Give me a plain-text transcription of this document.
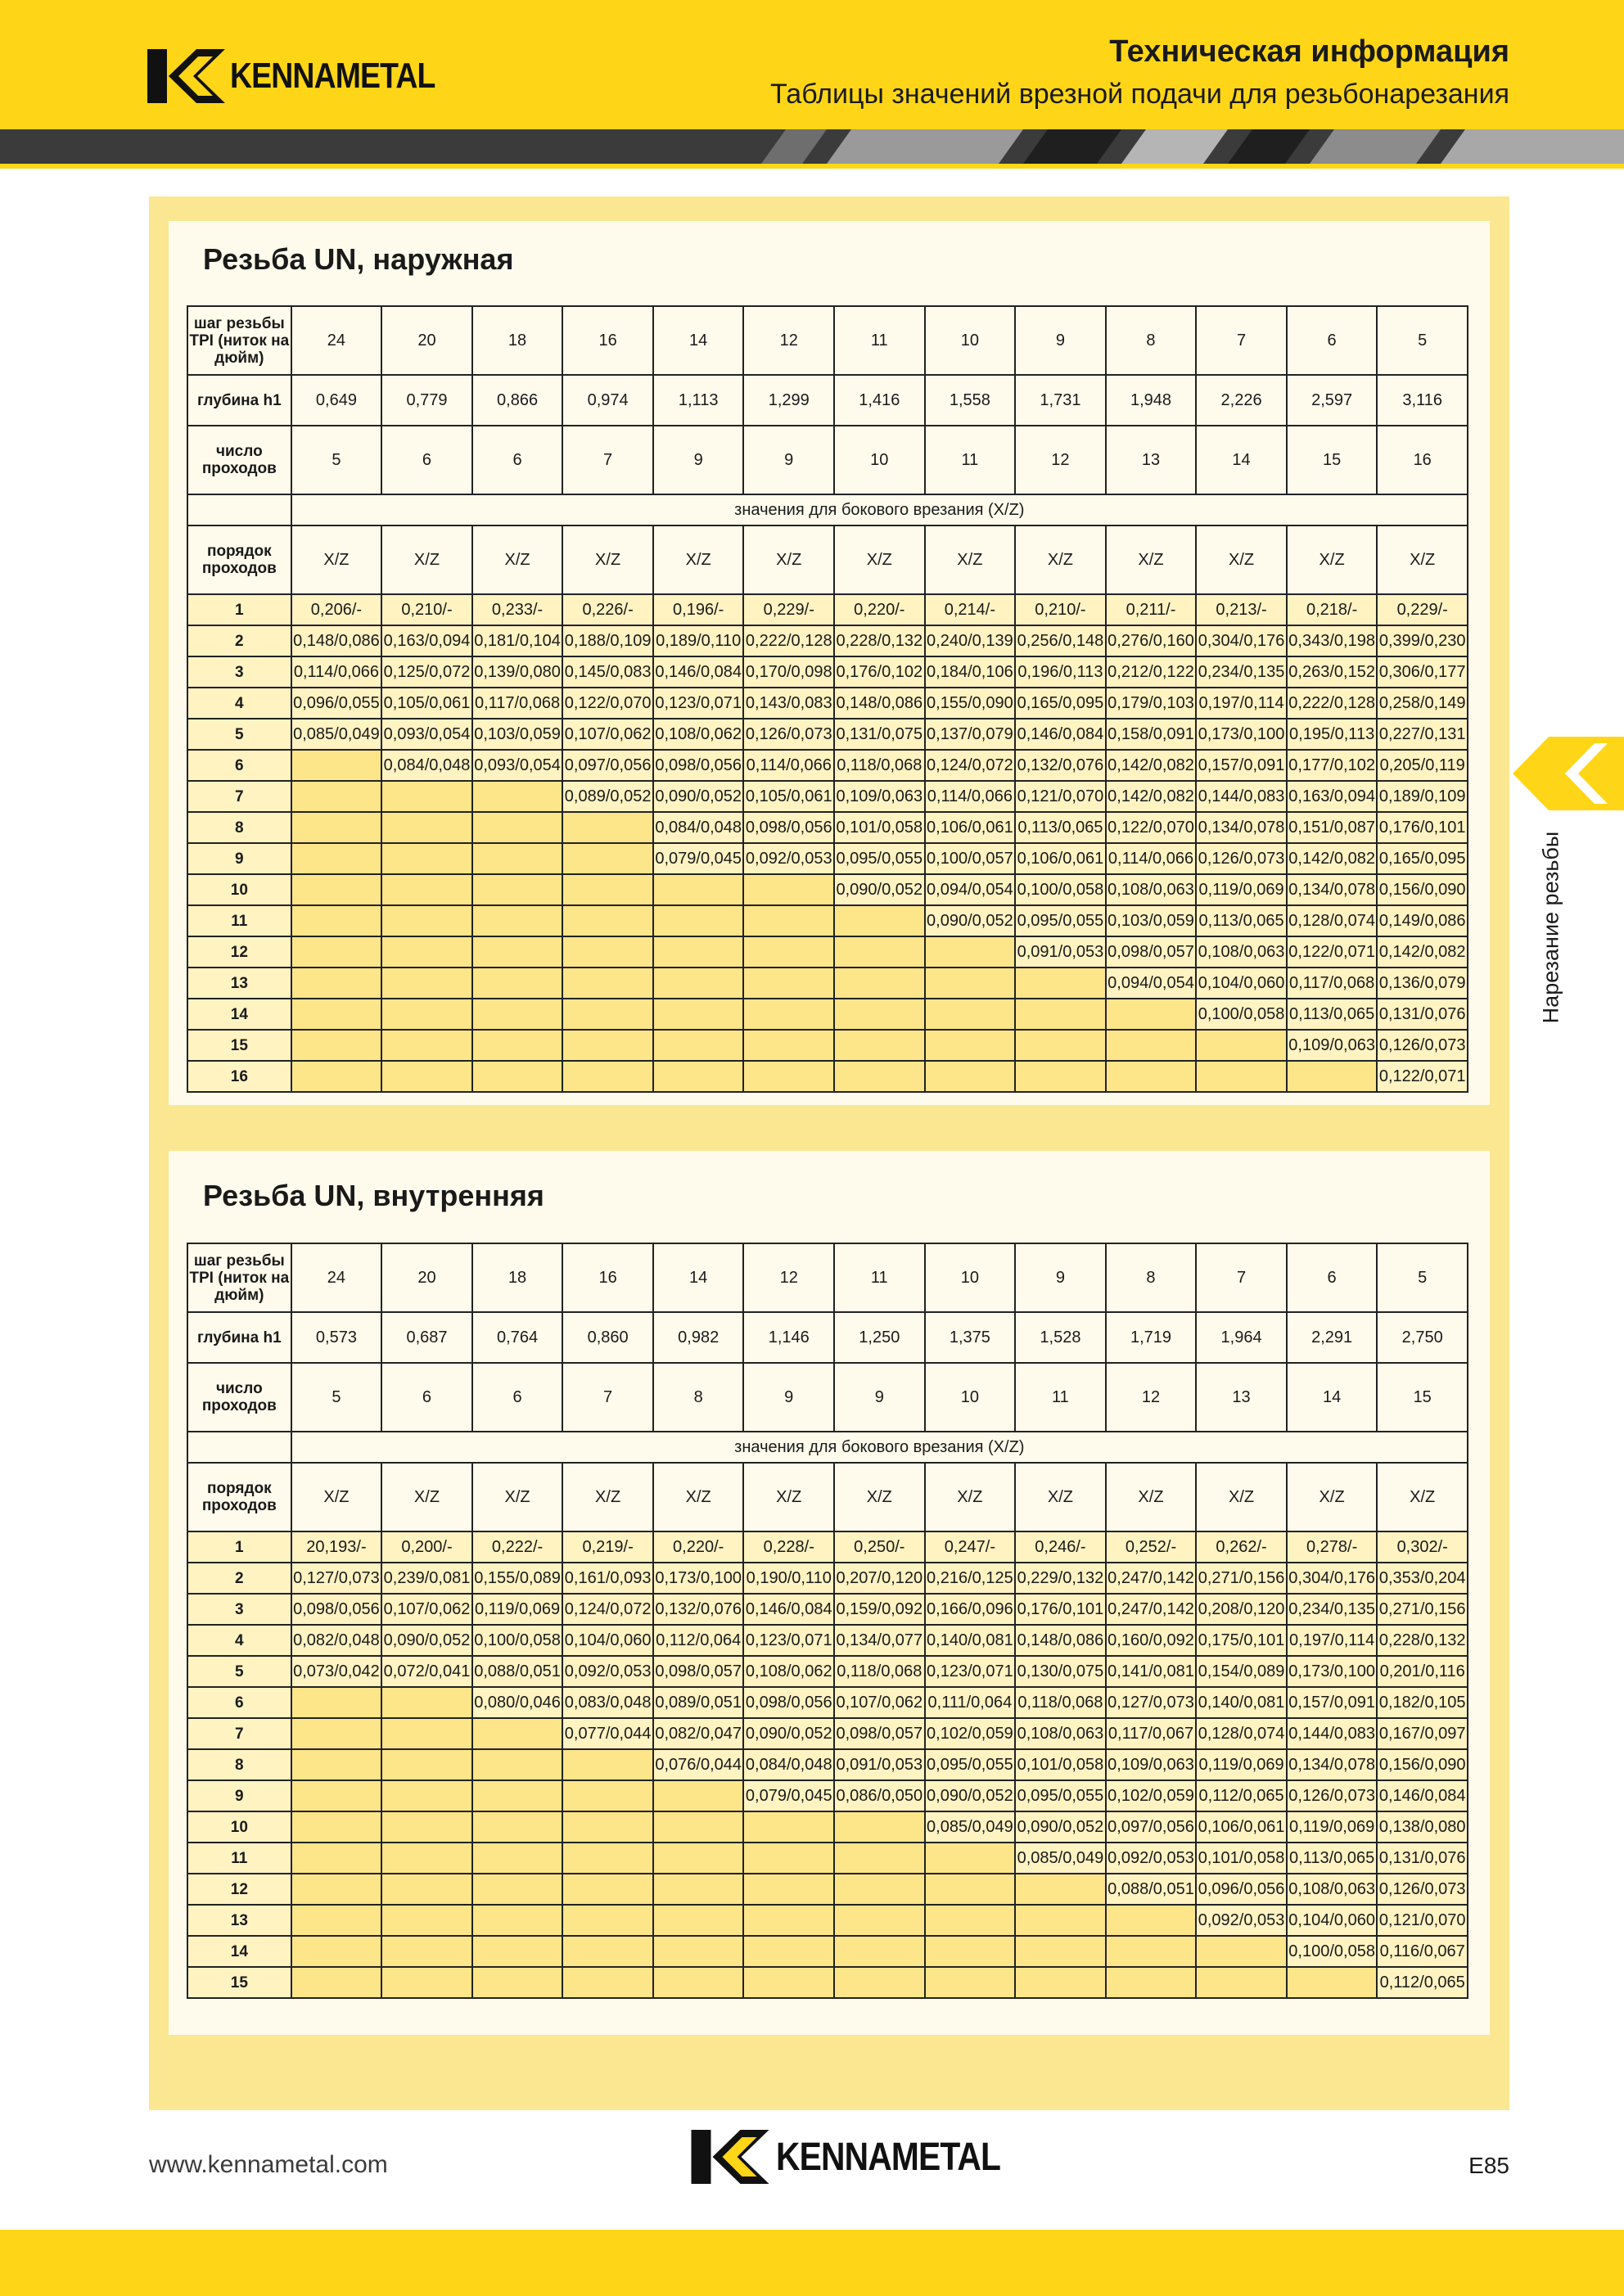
KENNAMETAL
Техническая информация
Таблицы значений врезной подачи для резьбонарезания
Резьба UN, наружная
шаг резьбы TPI (ниток на дюйм)	24	20	18	16	14	12	11	10	9	8	7	6	5
глубина h1	0,649	0,779	0,866	0,974	1,113	1,299	1,416	1,558	1,731	1,948	2,226	2,597	3,116
число проходов	5	6	6	7	9	9	10	11	12	13	14	15	16
	значения для бокового врезания (X/Z)												
порядок проходов	X/Z	X/Z	X/Z	X/Z	X/Z	X/Z	X/Z	X/Z	X/Z	X/Z	X/Z	X/Z	X/Z
1	0,206/-	0,210/-	0,233/-	0,226/-	0,196/-	0,229/-	0,220/-	0,214/-	0,210/-	0,211/-	0,213/-	0,218/-	0,229/-
2	0,148/0,086	0,163/0,094	0,181/0,104	0,188/0,109	0,189/0,110	0,222/0,128	0,228/0,132	0,240/0,139	0,256/0,148	0,276/0,160	0,304/0,176	0,343/0,198	0,399/0,230
3	0,114/0,066	0,125/0,072	0,139/0,080	0,145/0,083	0,146/0,084	0,170/0,098	0,176/0,102	0,184/0,106	0,196/0,113	0,212/0,122	0,234/0,135	0,263/0,152	0,306/0,177
4	0,096/0,055	0,105/0,061	0,117/0,068	0,122/0,070	0,123/0,071	0,143/0,083	0,148/0,086	0,155/0,090	0,165/0,095	0,179/0,103	0,197/0,114	0,222/0,128	0,258/0,149
5	0,085/0,049	0,093/0,054	0,103/0,059	0,107/0,062	0,108/0,062	0,126/0,073	0,131/0,075	0,137/0,079	0,146/0,084	0,158/0,091	0,173/0,100	0,195/0,113	0,227/0,131
6		0,084/0,048	0,093/0,054	0,097/0,056	0,098/0,056	0,114/0,066	0,118/0,068	0,124/0,072	0,132/0,076	0,142/0,082	0,157/0,091	0,177/0,102	0,205/0,119
7				0,089/0,052	0,090/0,052	0,105/0,061	0,109/0,063	0,114/0,066	0,121/0,070	0,142/0,082	0,144/0,083	0,163/0,094	0,189/0,109
8					0,084/0,048	0,098/0,056	0,101/0,058	0,106/0,061	0,113/0,065	0,122/0,070	0,134/0,078	0,151/0,087	0,176/0,101
9					0,079/0,045	0,092/0,053	0,095/0,055	0,100/0,057	0,106/0,061	0,114/0,066	0,126/0,073	0,142/0,082	0,165/0,095
10							0,090/0,052	0,094/0,054	0,100/0,058	0,108/0,063	0,119/0,069	0,134/0,078	0,156/0,090
11								0,090/0,052	0,095/0,055	0,103/0,059	0,113/0,065	0,128/0,074	0,149/0,086
12									0,091/0,053	0,098/0,057	0,108/0,063	0,122/0,071	0,142/0,082
13										0,094/0,054	0,104/0,060	0,117/0,068	0,136/0,079
14											0,100/0,058	0,113/0,065	0,131/0,076
15												0,109/0,063	0,126/0,073
16													0,122/0,071
Резьба UN, внутренняя
шаг резьбы TPI (ниток на дюйм)	24	20	18	16	14	12	11	10	9	8	7	6	5
глубина h1	0,573	0,687	0,764	0,860	0,982	1,146	1,250	1,375	1,528	1,719	1,964	2,291	2,750
число проходов	5	6	6	7	8	9	9	10	11	12	13	14	15
	значения для бокового врезания (X/Z)												
порядок проходов	X/Z	X/Z	X/Z	X/Z	X/Z	X/Z	X/Z	X/Z	X/Z	X/Z	X/Z	X/Z	X/Z
1	20,193/-	0,200/-	0,222/-	0,219/-	0,220/-	0,228/-	0,250/-	0,247/-	0,246/-	0,252/-	0,262/-	0,278/-	0,302/-
2	0,127/0,073	0,239/0,081	0,155/0,089	0,161/0,093	0,173/0,100	0,190/0,110	0,207/0,120	0,216/0,125	0,229/0,132	0,247/0,142	0,271/0,156	0,304/0,176	0,353/0,204
3	0,098/0,056	0,107/0,062	0,119/0,069	0,124/0,072	0,132/0,076	0,146/0,084	0,159/0,092	0,166/0,096	0,176/0,101	0,247/0,142	0,208/0,120	0,234/0,135	0,271/0,156
4	0,082/0,048	0,090/0,052	0,100/0,058	0,104/0,060	0,112/0,064	0,123/0,071	0,134/0,077	0,140/0,081	0,148/0,086	0,160/0,092	0,175/0,101	0,197/0,114	0,228/0,132
5	0,073/0,042	0,072/0,041	0,088/0,051	0,092/0,053	0,098/0,057	0,108/0,062	0,118/0,068	0,123/0,071	0,130/0,075	0,141/0,081	0,154/0,089	0,173/0,100	0,201/0,116
6			0,080/0,046	0,083/0,048	0,089/0,051	0,098/0,056	0,107/0,062	0,111/0,064	0,118/0,068	0,127/0,073	0,140/0,081	0,157/0,091	0,182/0,105
7				0,077/0,044	0,082/0,047	0,090/0,052	0,098/0,057	0,102/0,059	0,108/0,063	0,117/0,067	0,128/0,074	0,144/0,083	0,167/0,097
8					0,076/0,044	0,084/0,048	0,091/0,053	0,095/0,055	0,101/0,058	0,109/0,063	0,119/0,069	0,134/0,078	0,156/0,090
9						0,079/0,045	0,086/0,050	0,090/0,052	0,095/0,055	0,102/0,059	0,112/0,065	0,126/0,073	0,146/0,084
10								0,085/0,049	0,090/0,052	0,097/0,056	0,106/0,061	0,119/0,069	0,138/0,080
11									0,085/0,049	0,092/0,053	0,101/0,058	0,113/0,065	0,131/0,076
12										0,088/0,051	0,096/0,056	0,108/0,063	0,126/0,073
13											0,092/0,053	0,104/0,060	0,121/0,070
14												0,100/0,058	0,116/0,067
15													0,112/0,065
Нарезание резьбы
www.kennametal.com	KENNAMETAL	E85
